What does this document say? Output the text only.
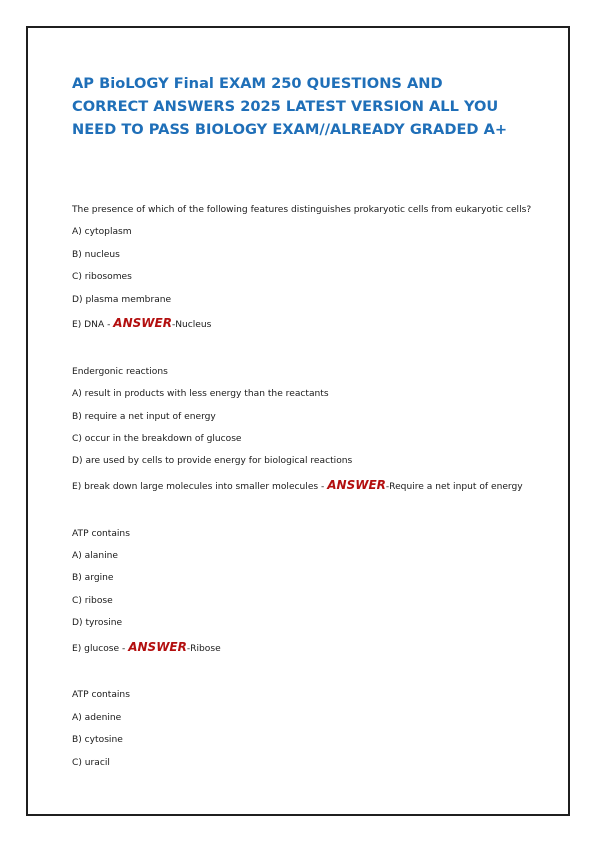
AP BioLOGY Final EXAM 250 QUESTIONS AND CORRECT ANSWERS 2025 LATEST VERSION ALL YOU NEED TO PASS BIOLOGY EXAM//ALREADY GRADED A+

The presence of which of the following features distinguishes prokaryotic cells from eukaryotic cells?

A) cytoplasm

B) nucleus

C) ribosomes

D) plasma membrane

E) DNA - ANSWER-Nucleus

Endergonic reactions

A) result in products with less energy than the reactants

B) require a net input of energy

C) occur in the breakdown of glucose

D) are used by cells to provide energy for biological reactions

E) break down large molecules into smaller molecules - ANSWER-Require a net input of energy

ATP contains

A) alanine

B) argine

C) ribose

D) tyrosine

E) glucose - ANSWER-Ribose

ATP contains

A) adenine

B) cytosine

C) uracil
